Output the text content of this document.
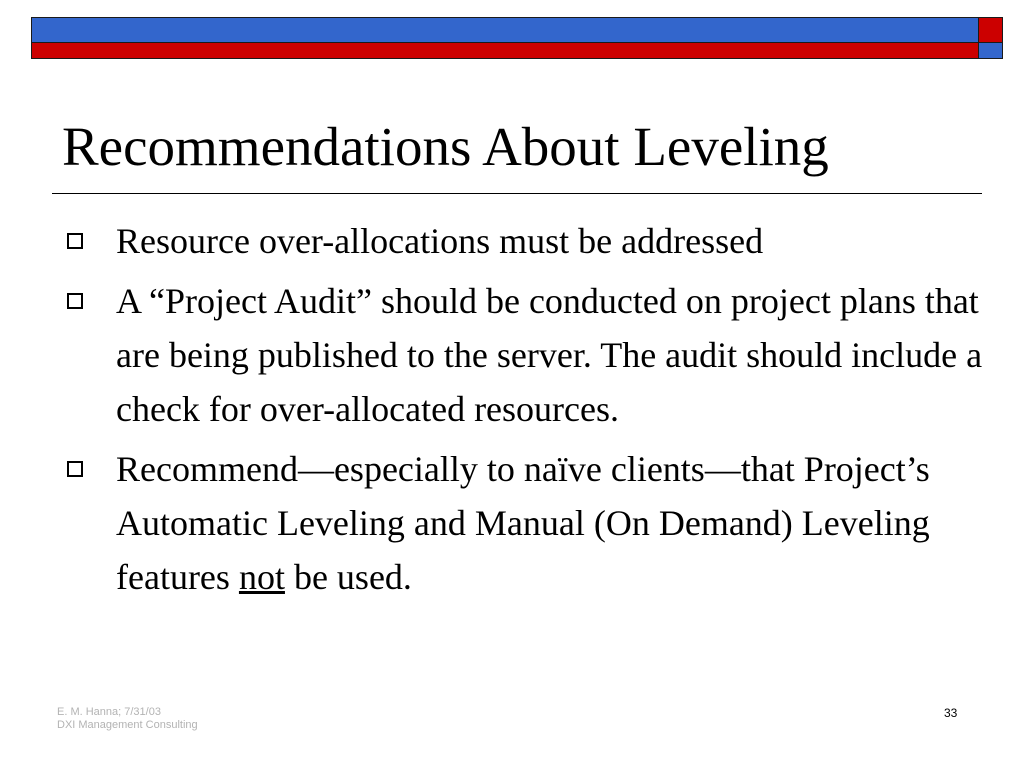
Recommendations About Leveling
Resource over-allocations must be addressed
A “Project Audit” should be conducted on project plans that are being published to the server. The audit should include a check for over-allocated resources.
Recommend—especially to naïve clients—that Project’s Automatic Leveling and Manual (On Demand) Leveling features not be used.
E. M. Hanna; 7/31/03
DXI Management Consulting
33
